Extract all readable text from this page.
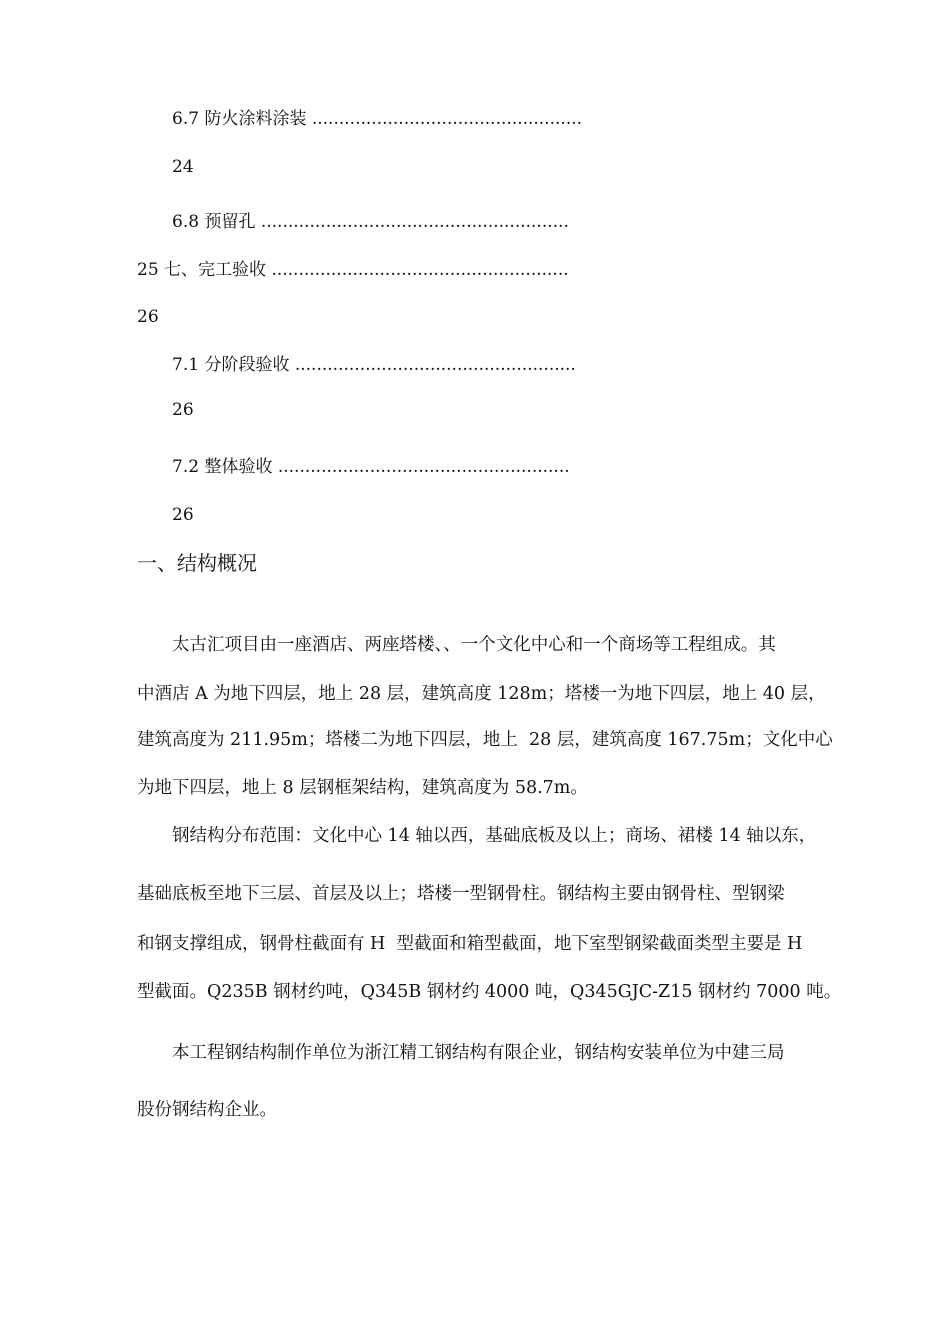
6.7 防火涂料涂装 ..................................................
24
6.8 预留孔 .........................................................
25 七、完工验收 .......................................................
26
7.1 分阶段验收 ....................................................
26
7.2 整体验收 ......................................................
26
一、结构概况
太古汇项目由一座酒店、两座塔楼、、一个文化中心和一个商场等工程组成。其
中酒店 A 为地下四层，地上 28 层，建筑高度 128m；塔楼一为地下四层，地上 40 层，
建筑高度为 211.95m；塔楼二为地下四层，地上  28 层，建筑高度 167.75m；文化中心
为地下四层，地上 8 层钢框架结构，建筑高度为 58.7m。
钢结构分布范围：文化中心 14 轴以西，基础底板及以上；商场、裙楼 14 轴以东，
基础底板至地下三层、首层及以上；塔楼一型钢骨柱。钢结构主要由钢骨柱、型钢梁
和钢支撑组成，钢骨柱截面有 H  型截面和箱型截面，地下室型钢梁截面类型主要是 H
型截面。Q235B 钢材约吨，Q345B 钢材约 4000 吨，Q345GJC-Z15 钢材约 7000 吨。
本工程钢结构制作单位为浙江精工钢结构有限企业，钢结构安装单位为中建三局
股份钢结构企业。
